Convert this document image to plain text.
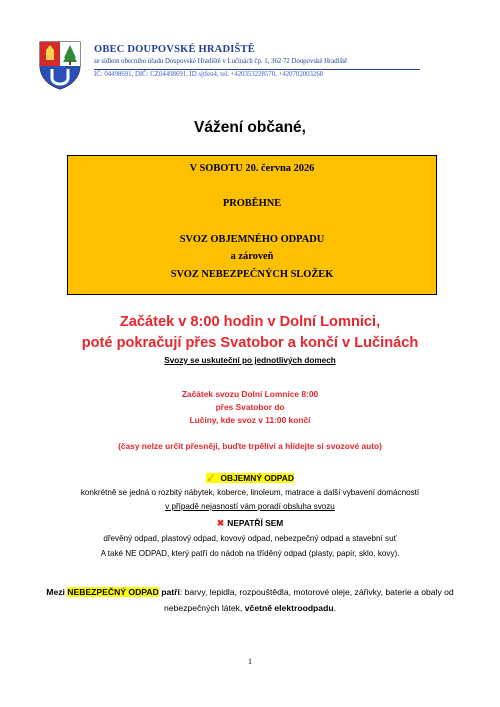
OBEC DOUPOVSKÉ HRADIŠTĚ
se sídlem obecního úřadu Doupovské Hradiště v Lučinách čp. 1, 362 72 Doupovské Hradiště
IČ: 04498691, DIČ: CZ04498691, ID sjtfeu4, tel. +420353228570, +420702003268
Vážení občané,
V SOBOTU 20. června 2026
PROBĚHNE
SVOZ OBJEMNÉHO ODPADU
a zároveň
SVOZ NEBEZPEČNÝCH SLOŽEK
Začátek v 8:00 hodin v Dolní Lomnici,
poté pokračují přes Svatobor a končí v Lučinách
Svozy se uskuteční po jednotlivých domech
Začátek svozu Dolní Lomnice 8:00
přes Svatobor do
Lučiny, kde svoz v 11:00 končí
(časy nelze určit přesněji, buďte trpěliví a hlídejte si svozové auto)
✓ OBJEMNÝ ODPAD
konkrétně se jedná o rozbitý nábytek, koberce, linoleum, matrace a další vybavení domácností
v případě nejasností vám poradí obsluha svozu
✖ NEPATŘÍ SEM
dřevěný odpad, plastový odpad, kovový odpad, nebezpečný odpad a stavební suť
A také NE ODPAD, který patří do nádob na tříděný odpad (plasty, papír, sklo, kovy).
Mezi NEBEZPEČNÝ ODPAD patří: barvy, lepidla, rozpouštědla, motorové oleje, zářivky, baterie a obaly od nebezpečných látek, včetně elektroodpadu.
1
